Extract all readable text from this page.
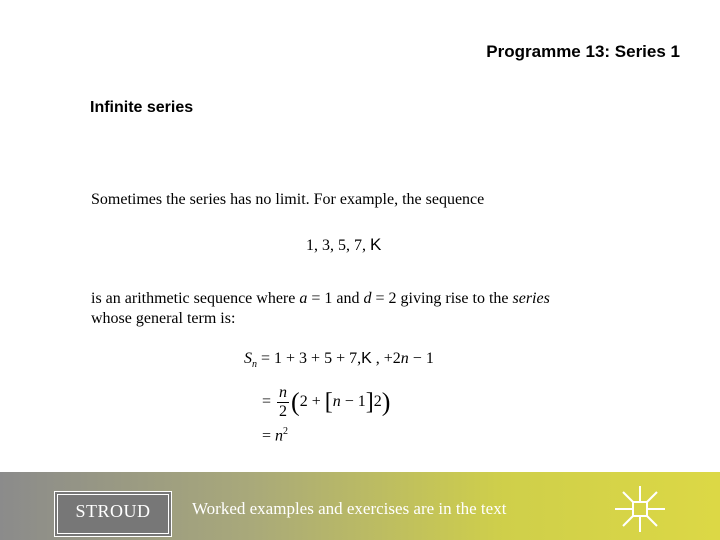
Programme 13: Series 1
Infinite series
Sometimes the series has no limit. For example, the sequence
1, 3, 5, 7, K
is an arithmetic sequence where a = 1 and d = 2 giving rise to the series
whose general term is:
$S_n = 1 + 3 + 5 + 7,K$ , +2n − 1
= $\frac{n}{2} (2 + [n - 1]2)$
= $n^2$
STROUD	Worked examples and exercises are in the text
